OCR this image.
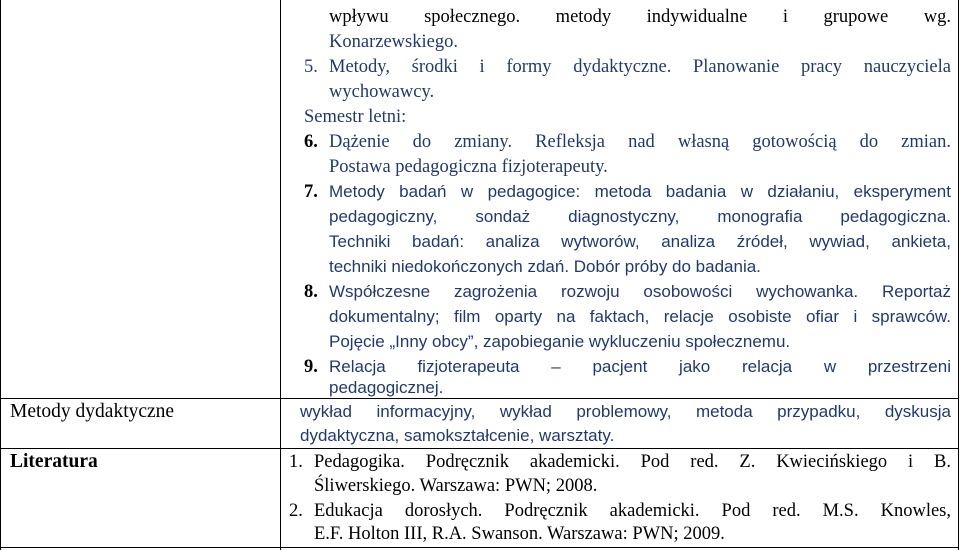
wpływu społecznego. metody indywidualne i grupowe wg.
Konarzewskiego.
5. Metody, środki i formy dydaktyczne. Planowanie pracy nauczyciela
wychowawcy.
Semestr letni:
6. Dążenie do zmiany. Refleksja nad własną gotowością do zmian.
Postawa pedagogiczna fizjoterapeuty.
7. Metody badań w pedagogice: metoda badania w działaniu, eksperyment
pedagogiczny, sondaż diagnostyczny, monografia pedagogiczna.
Techniki badań: analiza wytworów, analiza źródeł, wywiad, ankieta,
techniki niedokończonych zdań. Dobór próby do badania.
8. Współczesne zagrożenia rozwoju osobowości wychowanka. Reportaż
dokumentalny; film oparty na faktach, relacje osobiste ofiar i sprawców.
Pojęcie „Inny obcy”, zapobieganie wykluczeniu społecznemu.
9. Relacja fizjoterapeuta – pacjent jako relacja w przestrzeni
pedagogicznej.
Metody dydaktyczne	wykład informacyjny, wykład problemowy, metoda przypadku, dyskusja
dydaktyczna, samokształcenie, warsztaty.
Literatura	1. Pedagogika. Podręcznik akademicki. Pod red. Z. Kwiecińskiego i B.
Śliwerskiego. Warszawa: PWN; 2008.
2. Edukacja dorosłych. Podręcznik akademicki. Pod red. M.S. Knowles,
E.F. Holton III, R.A. Swanson. Warszawa: PWN; 2009.
